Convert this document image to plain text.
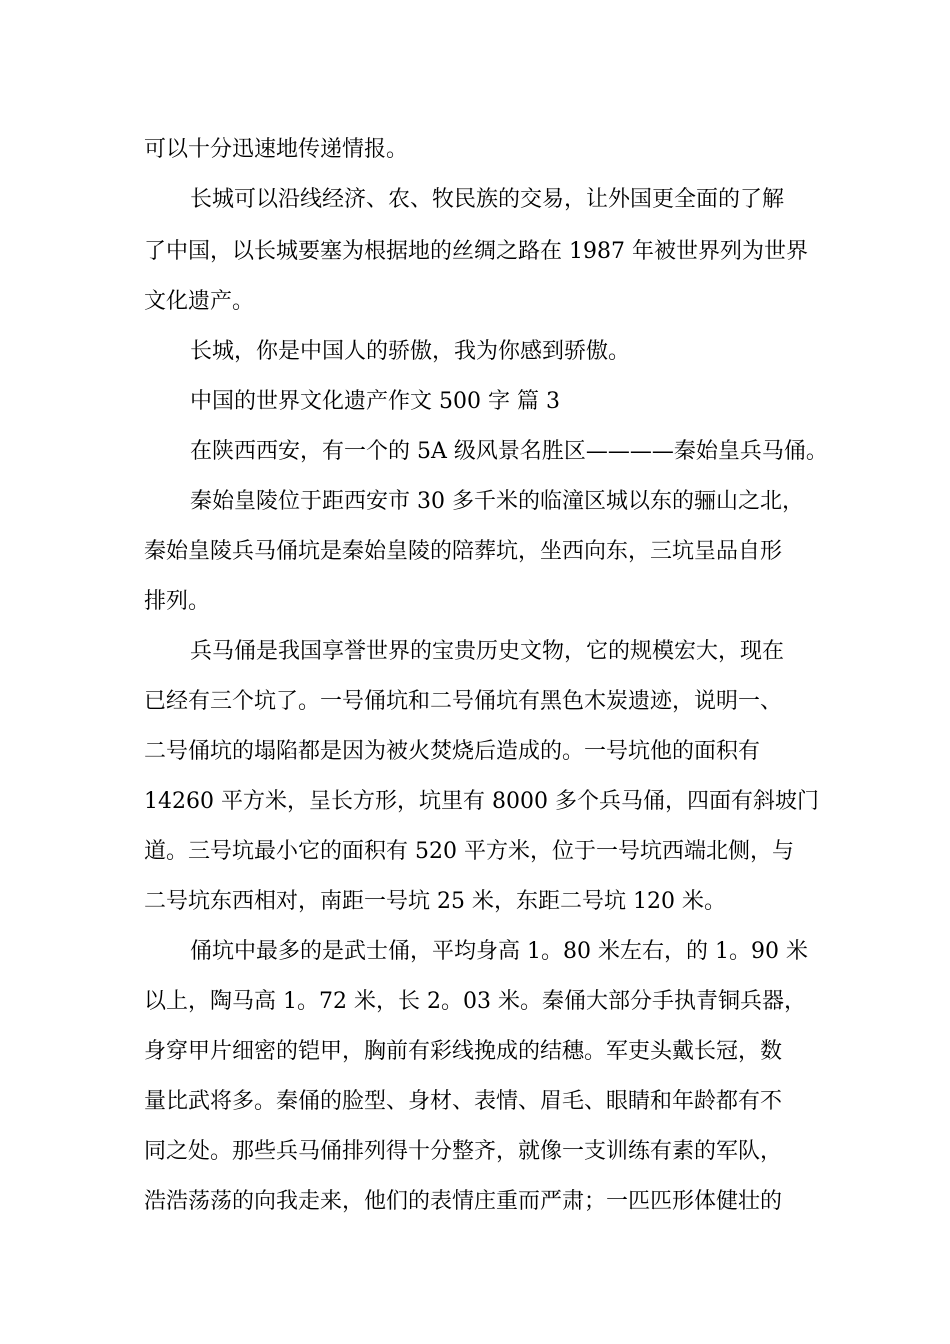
可以十分迅速地传递情报。
长城可以沿线经济、农、牧民族的交易，让外国更全面的了解
了中国，以长城要塞为根据地的丝绸之路在 1987 年被世界列为世界
文化遗产。
长城，你是中国人的骄傲，我为你感到骄傲。
中国的世界文化遗产作文 500 字 篇 3
在陕西西安，有一个的 5A 级风景名胜区————秦始皇兵马俑。
秦始皇陵位于距西安市 30 多千米的临潼区城以东的骊山之北，
秦始皇陵兵马俑坑是秦始皇陵的陪葬坑，坐西向东，三坑呈品自形
排列。
兵马俑是我国享誉世界的宝贵历史文物，它的规模宏大，现在
已经有三个坑了。一号俑坑和二号俑坑有黑色木炭遗迹，说明一、
二号俑坑的塌陷都是因为被火焚烧后造成的。一号坑他的面积有
14260 平方米，呈长方形，坑里有 8000 多个兵马俑，四面有斜坡门
道。三号坑最小它的面积有 520 平方米，位于一号坑西端北侧，与
二号坑东西相对，南距一号坑 25 米，东距二号坑 120 米。
俑坑中最多的是武士俑，平均身高 1。80 米左右，的 1。90 米
以上，陶马高 1。72 米，长 2。03 米。秦俑大部分手执青铜兵器，
身穿甲片细密的铠甲，胸前有彩线挽成的结穗。军吏头戴长冠，数
量比武将多。秦俑的脸型、身材、表情、眉毛、眼睛和年龄都有不
同之处。那些兵马俑排列得十分整齐，就像一支训练有素的军队，
浩浩荡荡的向我走来，他们的表情庄重而严肃；一匹匹形体健壮的
